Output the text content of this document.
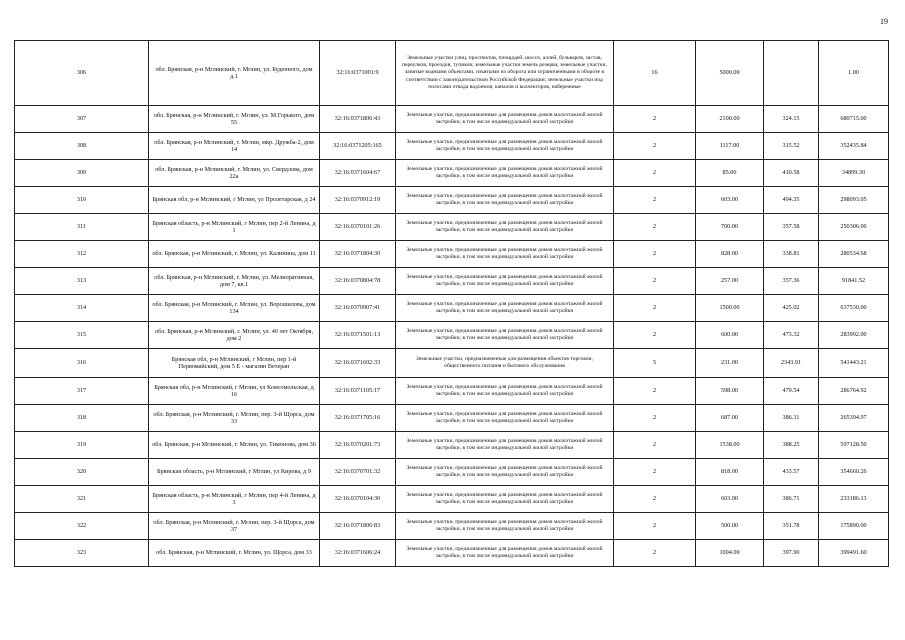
19
306	обл. Брянская, р-н Мглинский, г. Мглин, ул. Буденного, дом д.1	32:16:0371001:9	Земельные участки улиц, проспектов, площадей, шоссе, аллей, бульваров, застав, переулков, проездов, тупиков; земельные участки земель резерва; земельные участки, занятые водными объектами, изъятыми из оборота или ограниченными в обороте в соответствии с законодательством Российской Федерации; земельные участки под полосами отвода водоемов, каналов и коллекторов, набережные	16	5000.00		1.00
307	обл. Брянская, р-н Мглинский, г. Мглин, ул. М.Горького, дом 55	32:16:0371806:43	Земельные участки, предназначенные для размещения домов малоэтажной жилой застройки, в том числе индивидуальной жилой застройки	2	2100.00	324.15	680715.00
308	обл. Брянская, р-н Мглинский, г. Мглин, мкр. Дружба-2, дом 14	32:16:0371205:165	Земельные участки, предназначенные для размещения домов малоэтажной жилой застройки, в том числе индивидуальной жилой застройки	2	1117.00	315.52	352435.84
309	обл. Брянская, р-н Мглинский, г. Мглин, ул. Свердлова, дом 22а	32:16:0371604:67	Земельные участки, предназначенные для размещения домов малоэтажной жилой застройки, в том числе индивидуальной жилой застройки	2	85.00	410.58	34899.30
310	Брянская обл, р-н Мглинский, г Мглин, ул Пролетарская, д 24	32:16:0370912:19	Земельные участки, предназначенные для размещения домов малоэтажной жилой застройки, в том числе индивидуальной жилой застройки	2	603.00	494.35	298093.05
311	Брянская область, р-н Мглинский, г Мглин, пер 2-й Ленина, д 1	32:16:0370101:26	Земельные участки, предназначенные для размещения домов малоэтажной жилой застройки, в том числе индивидуальной жилой застройки	2	700.00	357.58	250306.00
312	обл. Брянская, р-н Мглинский, г. Мглин, ул. Калинина, дом 11	32:16:0371804:30	Земельные участки, предназначенные для размещения домов малоэтажной жилой застройки, в том числе индивидуальной жилой застройки	2	828.00	338.81	280534.68
313	обл. Брянская, р-н Мглинский, г. Мглин, ул. Мелиоративная, дом 7, кв.1	32:16:0370804:78	Земельные участки, предназначенные для размещения домов малоэтажной жилой застройки, в том числе индивидуальной жилой застройки	2	257.00	357.36	91841.52
314	обл. Брянская, р-н Мглинский, г. Мглин, ул. Ворошилова, дом 134	32:16:0370907:41	Земельные участки, предназначенные для размещения домов малоэтажной жилой застройки, в том числе индивидуальной жилой застройки	2	1500.00	425.02	637530.00
315	обл. Брянская, р-н Мглинский, г. Мглин, ул. 40 лет Октября, дом 2	32:16:0371501:13	Земельные участки, предназначенные для размещения домов малоэтажной жилой застройки, в том числе индивидуальной жилой застройки	2	600.00	473.32	283992.00
316	Брянская обл, р-н Мглинский, г Мглин, пер 1-й Первомайский, дом 5 Е - магазин Ветеран	32:16:0371602:33	Земельные участки, предназначенные для размещения объектов торговли, общественного питания и бытового обслуживания	5	231.00	2343.91	541443.21
317	Брянская обл, р-н Мглинский, г Мглин, ул Комсомольская, д 16	32:16:0371105:17	Земельные участки, предназначенные для размещения домов малоэтажной жилой застройки, в том числе индивидуальной жилой застройки	2	598.00	479.54	286764.92
318	обл. Брянская, р-н Мглинский, г. Мглин, пер. 3-й Щорса, дом 33	32:16:0371705:16	Земельные участки, предназначенные для размещения домов малоэтажной жилой застройки, в том числе индивидуальной жилой застройки	2	687.00	386.31	265394.97
319	обл. Брянская, р-н Мглинский, г. Мглин, ул. Тимонова, дом 36	32:16:0370201:73	Земельные участки, предназначенные для размещения домов малоэтажной жилой застройки, в том числе индивидуальной жилой застройки	2	1538.00	388.25	597128.50
320	Брянская область, р-н Мглинский, г Мглин, ул Кирова, д 9	32:16:0370701:32	Земельные участки, предназначенные для размещения домов малоэтажной жилой застройки, в том числе индивидуальной жилой застройки	2	818.00	433.57	354660.26
321	Брянская область, р-н Мглинский, г Мглин, пер 4-й Ленина, д 3	32:16:0370104:30	Земельные участки, предназначенные для размещения домов малоэтажной жилой застройки, в том числе индивидуальной жилой застройки	2	603.00	386.71	233186.13
322	обл. Брянская, р-н Мглинский, г. Мглин, пер. 3-й Щорса, дом 37	32:16:0371806:83	Земельные участки, предназначенные для размещения домов малоэтажной жилой застройки, в том числе индивидуальной жилой застройки	2	500.00	351.78	175890.00
323	обл. Брянская, р-н Мглинский, г. Мглин, ул. Щорса, дом 33	32:16:0371606:24	Земельные участки, предназначенные для размещения домов малоэтажной жилой застройки, в том числе индивидуальной жилой застройки	2	1004.00	397.90	399491.60
